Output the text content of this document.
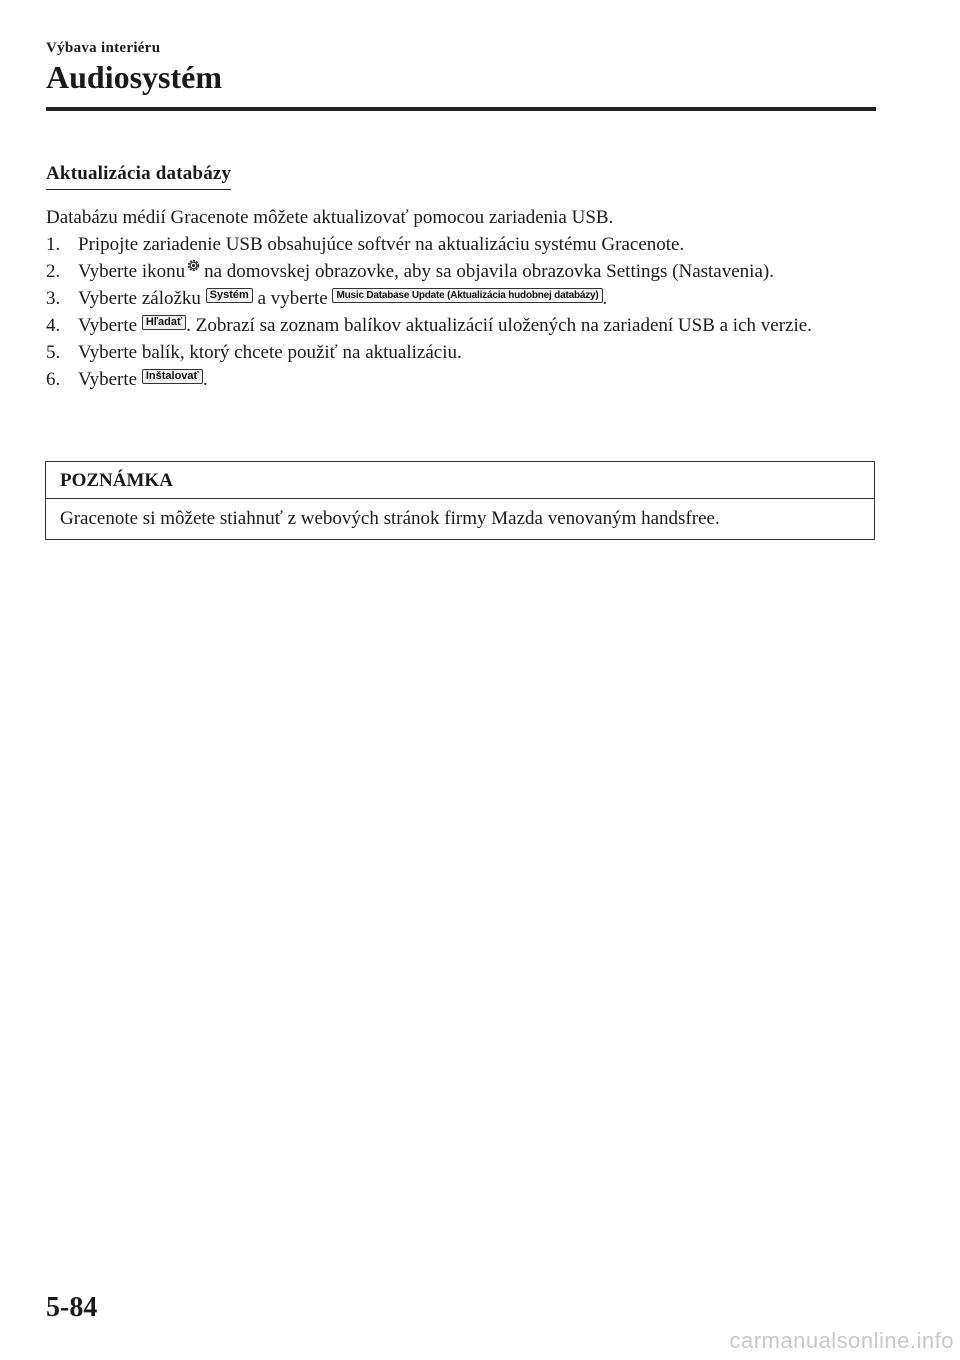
Výbava interiéru
Audiosystém
Aktualizácia databázy

Databázu médií Gracenote môžete aktualizovať pomocou zariadenia USB.

1. Pripojte zariadenie USB obsahujúce softvér na aktualizáciu systému Gracenote.
2. Vyberte ikonu na domovskej obrazovke, aby sa objavila obrazovka Settings (Nastavenia).
3. Vyberte záložku Systém a vyberte Music Database Update (Aktualizácia hudobnej databázy) .
4. Vyberte Hľadať . Zobrazí sa zoznam balíkov aktualizácií uložených na zariadení USB a ich verzie.
5. Vyberte balík, ktorý chcete použiť na aktualizáciu.
6. Vyberte Inštalovať .
POZNÁMKA
Gracenote si môžete stiahnuť z webových stránok firmy Mazda venovaným handsfree.
5-84
carmanualsonline.info
